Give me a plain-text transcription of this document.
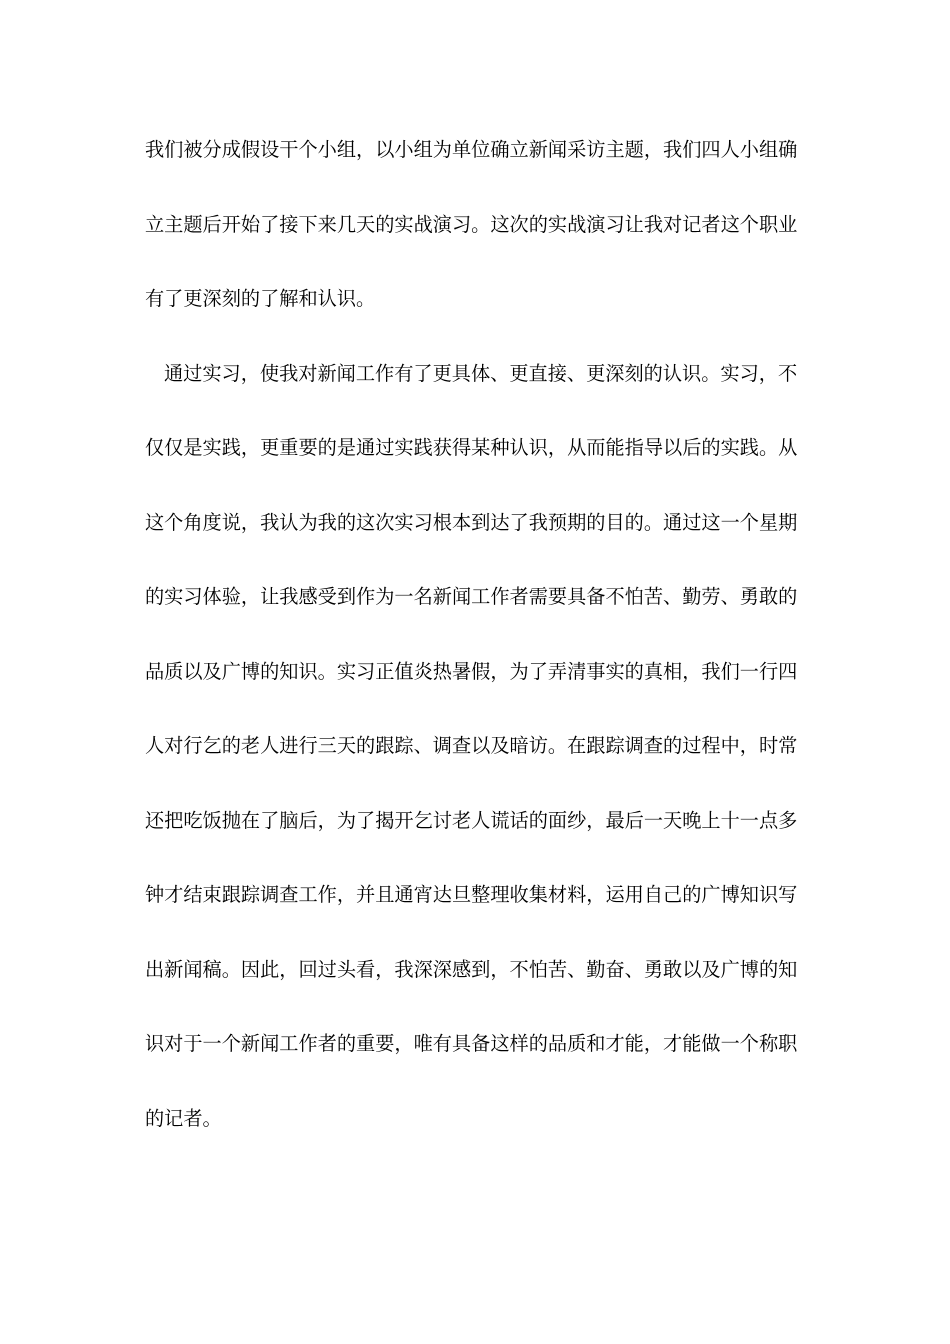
我们被分成假设干个小组，以小组为单位确立新闻采访主题，我们四人小组确
立主题后开始了接下来几天的实战演习。这次的实战演习让我对记者这个职业
有了更深刻的了解和认识。
通过实习，使我对新闻工作有了更具体、更直接、更深刻的认识。实习，不
仅仅是实践，更重要的是通过实践获得某种认识，从而能指导以后的实践。从
这个角度说，我认为我的这次实习根本到达了我预期的目的。通过这一个星期
的实习体验，让我感受到作为一名新闻工作者需要具备不怕苦、勤劳、勇敢的
品质以及广博的知识。实习正值炎热暑假，为了弄清事实的真相，我们一行四
人对行乞的老人进行三天的跟踪、调查以及暗访。在跟踪调查的过程中，时常
还把吃饭抛在了脑后，为了揭开乞讨老人谎话的面纱，最后一天晚上十一点多
钟才结束跟踪调查工作，并且通宵达旦整理收集材料，运用自己的广博知识写
出新闻稿。因此，回过头看，我深深感到，不怕苦、勤奋、勇敢以及广博的知
识对于一个新闻工作者的重要，唯有具备这样的品质和才能，才能做一个称职
的记者。
